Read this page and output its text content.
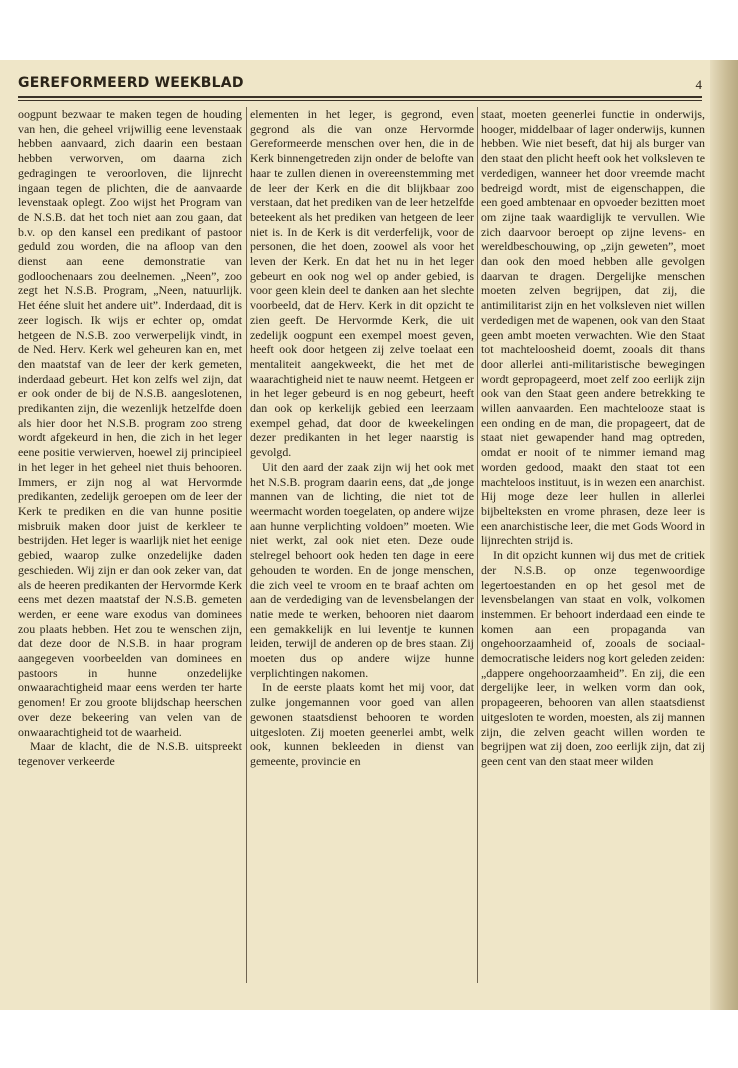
GEREFORMEERD WEEKBLAD	4

oogpunt bezwaar te maken tegen de houding van hen, die geheel vrijwillig eene levenstaak hebben aanvaard, zich daarin een bestaan hebben verworven, om daarna zich gedragingen te veroorloven, die lijnrecht ingaan tegen de plichten, die de aanvaarde levenstaak oplegt. Zoo wijst het Program van de N.S.B. dat het toch niet aan zou gaan, dat b.v. op den kansel een predikant of pastoor geduld zou worden, die na afloop van den dienst aan eene demonstratie van godloochenaars zou deelnemen. „Neen”, zoo zegt het N.S.B. Program, „Neen, natuurlijk. Het ééne sluit het andere uit”. Inderdaad, dit is zeer logisch. Ik wijs er echter op, omdat hetgeen de N.S.B. zoo verwerpelijk vindt, in de Ned. Herv. Kerk wel geheuren kan en, met den maatstaf van de leer der kerk gemeten, inderdaad gebeurt. Het kon zelfs wel zijn, dat er ook onder de bij de N.S.B. aangeslotenen, predikanten zijn, die wezenlijk hetzelfde doen als hier door het N.S.B. program zoo streng wordt afgekeurd in hen, die zich in het leger eene positie verwierven, hoewel zij principieel in het leger in het geheel niet thuis behooren. Immers, er zijn nog al wat Hervormde predikanten, zedelijk geroepen om de leer der Kerk te prediken en die van hunne positie misbruik maken door juist de kerkleer te bestrijden. Het leger is waarlijk niet het eenige gebied, waarop zulke onzedelijke daden geschieden. Wij zijn er dan ook zeker van, dat als de heeren predikanten der Hervormde Kerk eens met dezen maatstaf der N.S.B. gemeten werden, er eene ware exodus van dominees zou plaats hebben. Het zou te wenschen zijn, dat deze door de N.S.B. in haar program aangegeven voorbeelden van dominees en pastoors in hunne onzedelijke onwaarachtigheid maar eens werden ter harte genomen! Er zou groote blijdschap heerschen over deze bekeering van velen van de onwaarachtigheid tot de waarheid.

Maar de klacht, die de N.S.B. uitspreekt tegenover verkeerde

elementen in het leger, is gegrond, even gegrond als die van onze Hervormde Gereformeerde menschen over hen, die in de Kerk binnengetreden zijn onder de belofte van haar te zullen dienen in overeenstemming met de leer der Kerk en die dit blijkbaar zoo verstaan, dat het prediken van de leer hetzelfde beteekent als het prediken van hetgeen de leer niet is. In de Kerk is dit verderfelijk, voor de personen, die het doen, zoowel als voor het leven der Kerk. En dat het nu in het leger gebeurt en ook nog wel op ander gebied, is voor geen klein deel te danken aan het slechte voorbeeld, dat de Herv. Kerk in dit opzicht te zien geeft. De Hervormde Kerk, die uit zedelijk oogpunt een exempel moest geven, heeft ook door hetgeen zij zelve toelaat een mentaliteit aangekweekt, die het met de waarachtigheid niet te nauw neemt. Hetgeen er in het leger gebeurd is en nog gebeurt, heeft dan ook op kerkelijk gebied een leerzaam exempel gehad, dat door de kweekelingen dezer predikanten in het leger naarstig is gevolgd.

Uit den aard der zaak zijn wij het ook met het N.S.B. program daarin eens, dat „de jonge mannen van de lichting, die niet tot de weermacht worden toegelaten, op andere wijze aan hunne verplichting voldoen” moeten. Wie niet werkt, zal ook niet eten. Deze oude stelregel behoort ook heden ten dage in eere gehouden te worden. En de jonge menschen, die zich veel te vroom en te braaf achten om aan de verdediging van de levensbelangen der natie mede te werken, behooren niet daarom een gemakkelijk en lui leventje te kunnen leiden, terwijl de anderen op de bres staan. Zij moeten dus op andere wijze hunne verplichtingen nakomen.

In de eerste plaats komt het mij voor, dat zulke jongemannen voor goed van allen gewonen staatsdienst behooren te worden uitgesloten. Zij moeten geenerlei ambt, welk ook, kunnen bekleeden in dienst van gemeente, provincie en

staat, moeten geenerlei functie in onderwijs, hooger, middelbaar of lager onderwijs, kunnen hebben. Wie niet beseft, dat hij als burger van den staat den plicht heeft ook het volksleven te verdedigen, wanneer het door vreemde macht bedreigd wordt, mist de eigenschappen, die een goed ambtenaar en opvoeder bezitten moet om zijne taak waardiglijk te vervullen. Wie zich daarvoor beroept op zijne levens- en wereldbeschouwing, op „zijn geweten”, moet dan ook den moed hebben alle gevolgen daarvan te dragen. Dergelijke menschen moeten zelven begrijpen, dat zij, die antimilitarist zijn en het volksleven niet willen verdedigen met de wapenen, ook van den Staat geen ambt moeten verwachten. Wie den Staat tot machteloosheid doemt, zooals dit thans door allerlei anti-militaristische bewegingen wordt gepropageerd, moet zelf zoo eerlijk zijn ook van den Staat geen andere betrekking te willen aanvaarden. Een machtelooze staat is een onding en de man, die propageert, dat de staat niet gewapender hand mag optreden, omdat er nooit of te nimmer iemand mag worden gedood, maakt den staat tot een machteloos instituut, is in wezen een anarchist. Hij moge deze leer hullen in allerlei bijbelteksten en vrome phrasen, deze leer is een anarchistische leer, die met Gods Woord in lijnrechten strijd is.

In dit opzicht kunnen wij dus met de critiek der N.S.B. op onze tegenwoordige legertoestanden en op het gesol met de levensbelangen van staat en volk, volkomen instemmen. Er behoort inderdaad een einde te komen aan een propaganda van ongehoorzaamheid of, zooals de sociaal-democratische leiders nog kort geleden zeiden: „dappere ongehoorzaamheid”. En zij, die een dergelijke leer, in welken vorm dan ook, propageeren, behooren van allen staatsdienst uitgesloten te worden, moesten, als zij mannen zijn, die zelven geacht willen worden te begrijpen wat zij doen, zoo eerlijk zijn, dat zij geen cent van den staat meer wilden
